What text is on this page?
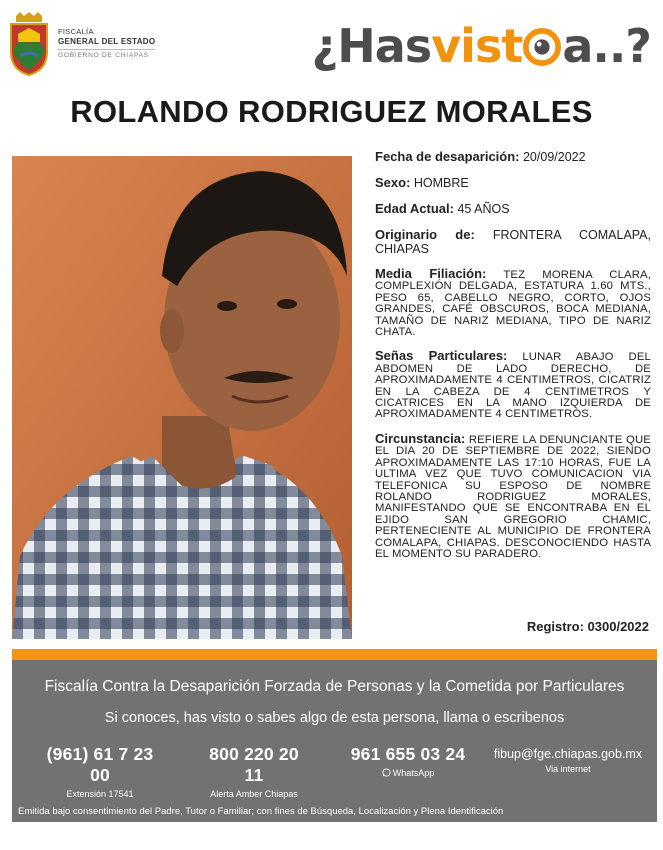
FISCALÍA
GENERAL DEL ESTADO
GOBIERNO DE CHIAPAS	¿Hasvist a..?
ROLANDO RODRIGUEZ MORALES
Fecha de desaparición: 20/09/2022
Sexo: HOMBRE
Edad Actual: 45 AÑOS
Originario de: FRONTERA COMALAPA, CHIAPAS
Media Filiación: TEZ MORENA CLARA, COMPLEXIÓN DELGADA, ESTATURA 1.60 MTS., PESO 65, CABELLO NEGRO, CORTO, OJOS GRANDES, CAFÉ OBSCUROS, BOCA MEDIANA, TAMAÑO DE NARIZ MEDIANA, TIPO DE NARIZ CHATA.
Señas Particulares: LUNAR ABAJO DEL ABDOMEN DE LADO DERECHO, DE APROXIMADAMENTE 4 CENTIMETROS, CICATRIZ EN LA CABEZA DE 4 CENTIMETROS Y CICATRICES EN LA MANO IZQUIERDA DE APROXIMADAMENTE 4 CENTIMETROS.
Circunstancia: REFIERE LA DENUNCIANTE QUE EL DIA 20 DE SEPTIEMBRE DE 2022, SIENDO APROXIMADAMENTE LAS 17:10 HORAS, FUE LA ULTIMA VEZ QUE TUVO COMUNICACION VIA TELEFONICA SU ESPOSO DE NOMBRE ROLANDO RODRIGUEZ MORALES, MANIFESTANDO QUE SE ENCONTRABA EN EL EJIDO SAN GREGORIO CHAMIC, PERTENECIENTE AL MUNICIPIO DE FRONTERA COMALAPA, CHIAPAS. DESCONOCIENDO HASTA EL MOMENTO SU PARADERO.
Registro: 0300/2022
Fiscalía Contra la Desaparición Forzada de Personas y la Cometida por Particulares
Si conoces, has visto o sabes algo de esta persona, llama o escribenos
(961) 61 7 23 00
Extensión 17541
800 220 20 11
Alerta Amber Chiapas
961 655 03 24
WhatsApp
fibup@fge.chiapas.gob.mx
Via internet
Emitida bajo consentimiento del Padre, Tutor o Familiar; con fines de Búsqueda, Localización y Plena Identificación
